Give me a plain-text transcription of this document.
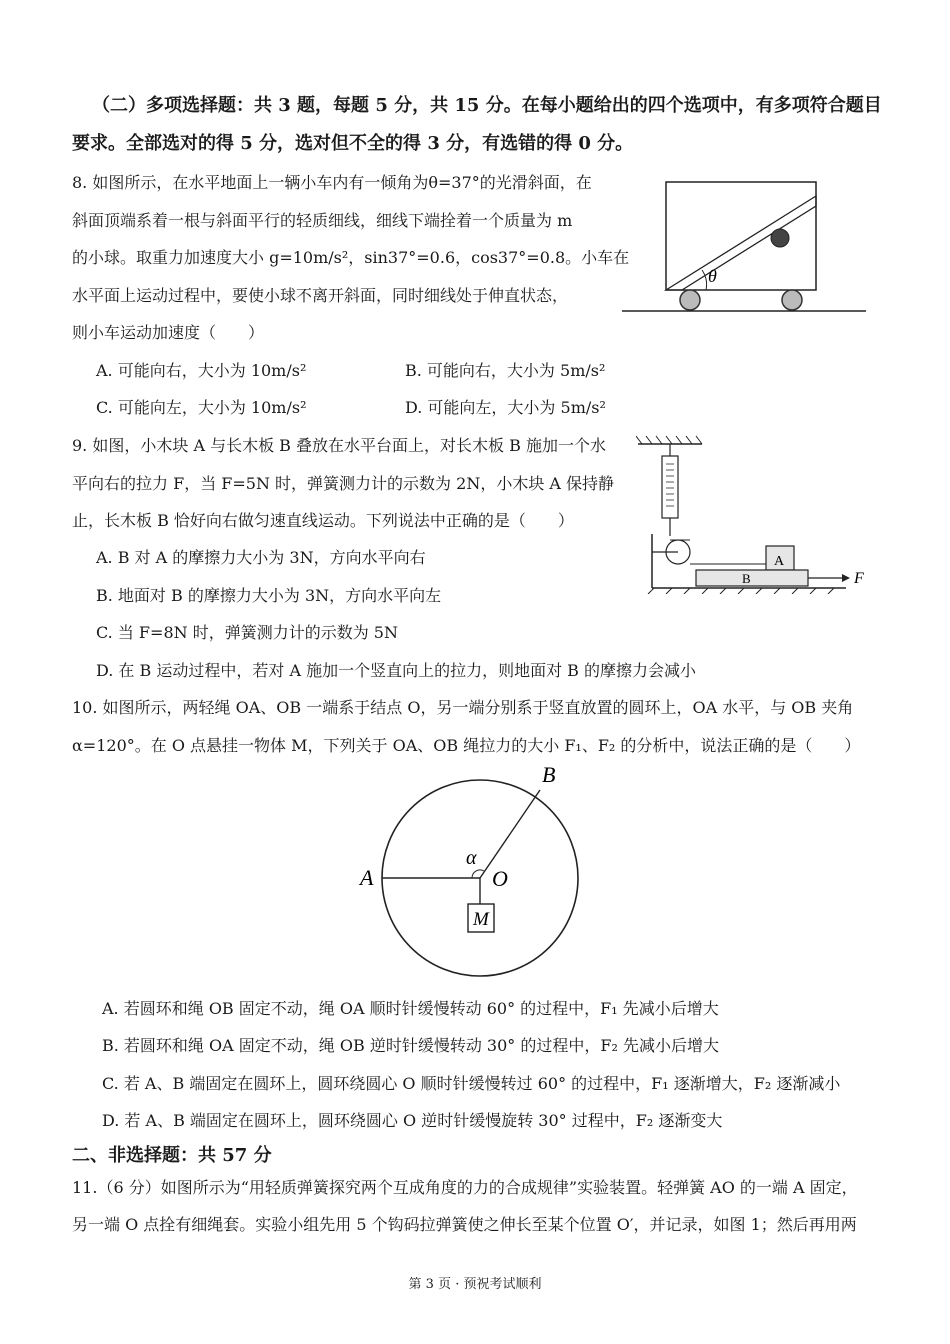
（二）多项选择题：共 3 题，每题 5 分，共 15 分。在每小题给出的四个选项中，有多项符合题目
要求。全部选对的得 5 分，选对但不全的得 3 分，有选错的得 0 分。
8. 如图所示，在水平地面上一辆小车内有一倾角为θ=37°的光滑斜面，在
斜面顶端系着一根与斜面平行的轻质细线，细线下端拴着一个质量为 m
的小球。取重力加速度大小 g=10m/s²，sin37°=0.6，cos37°=0.8。小车在
水平面上运动过程中，要使小球不离开斜面，同时细线处于伸直状态，
则小车运动加速度（　　）
A. 可能向右，大小为 10m/s²	B. 可能向右，大小为 5m/s²
C. 可能向左，大小为 10m/s²	D. 可能向左，大小为 5m/s²
θ
9. 如图，小木块 A 与长木板 B 叠放在水平台面上，对长木板 B 施加一个水
平向右的拉力 F，当 F=5N 时，弹簧测力计的示数为 2N，小木块 A 保持静
止，长木板 B 恰好向右做匀速直线运动。下列说法中正确的是（　　）
A. B 对 A 的摩擦力大小为 3N，方向水平向右
B. 地面对 B 的摩擦力大小为 3N，方向水平向左
C. 当 F=8N 时，弹簧测力计的示数为 5N
D. 在 B 运动过程中，若对 A 施加一个竖直向上的拉力，则地面对 B 的摩擦力会减小
A
B	F
10. 如图所示，两轻绳 OA、OB 一端系于结点 O，另一端分别系于竖直放置的圆环上，OA 水平，与 OB 夹角
α=120°。在 O 点悬挂一物体 M，下列关于 OA、OB 绳拉力的大小 F₁、F₂ 的分析中，说法正确的是（　　）
M
A
B
O
α
A. 若圆环和绳 OB 固定不动，绳 OA 顺时针缓慢转动 60° 的过程中，F₁ 先减小后增大
B. 若圆环和绳 OA 固定不动，绳 OB 逆时针缓慢转动 30° 的过程中，F₂ 先减小后增大
C. 若 A、B 端固定在圆环上，圆环绕圆心 O 顺时针缓慢转过 60° 的过程中，F₁ 逐渐增大，F₂ 逐渐减小
D. 若 A、B 端固定在圆环上，圆环绕圆心 O 逆时针缓慢旋转 30° 过程中，F₂ 逐渐变大
二、非选择题：共 57 分
11.（6 分）如图所示为“用轻质弹簧探究两个互成角度的力的合成规律”实验装置。轻弹簧 AO 的一端 A 固定，
另一端 O 点拴有细绳套。实验小组先用 5 个钩码拉弹簧使之伸长至某个位置 O′，并记录，如图 1；然后再用两
第 3 页 · 预祝考试顺利
